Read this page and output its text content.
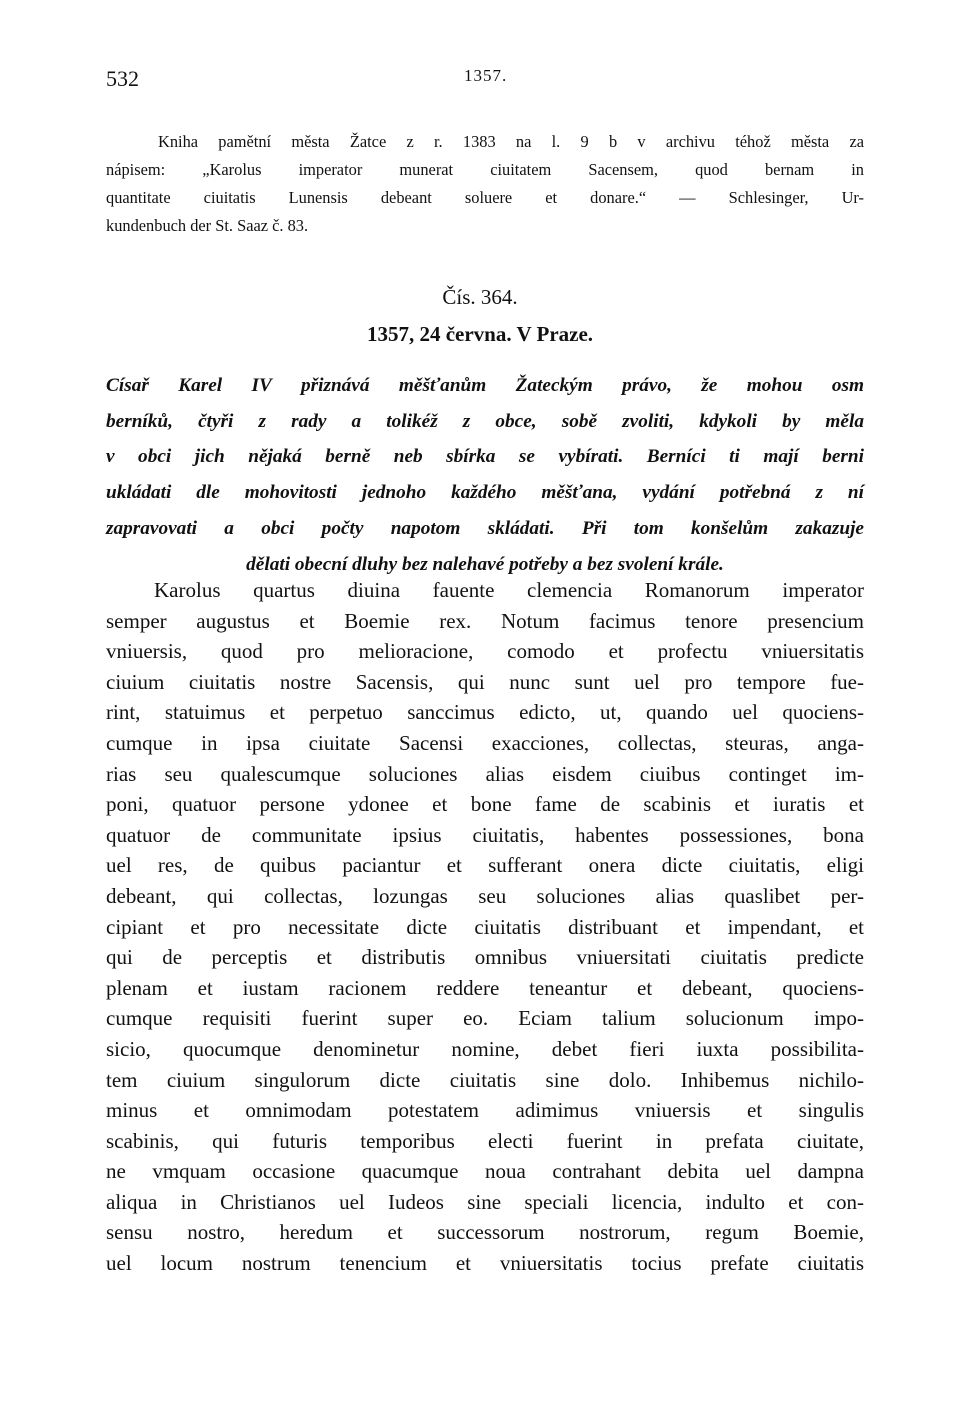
532	1357.

Kniha pamětní města Žatce z r. 1383 na l. 9 b v archivu téhož města za
nápisem: „Karolus imperator munerat ciuitatem Sacensem, quod bernam in
quantitate ciuitatis Lunensis debeant soluere et donare.“ — Schlesinger, Ur-
kundenbuch der St. Saaz č. 83.

Čís. 364.
1357, 24 června. V Praze.
Císař Karel IV přiznává měšťanům Žateckým právo, že mohou osm
berníků, čtyři z rady a tolikéž z obce, sobě zvoliti, kdykoli by měla
v obci jich nějaká berně neb sbírka se vybírati. Berníci ti mají berni
ukládati dle mohovitosti jednoho každého měšťana, vydání potřebná z ní
zapravovati a obci počty napotom skládati. Při tom konšelům zakazuje
dělati obecní dluhy bez nalehavé potřeby a bez svolení krále.
Karolus quartus diuina fauente clemencia Romanorum imperator
semper augustus et Boemie rex. Notum facimus tenore presencium
vniuersis, quod pro melioracione, comodo et profectu vniuersitatis
ciuium ciuitatis nostre Sacensis, qui nunc sunt uel pro tempore fue-
rint, statuimus et perpetuo sanccimus edicto, ut, quando uel quociens-
cumque in ipsa ciuitate Sacensi exacciones, collectas, steuras, anga-
rias seu qualescumque soluciones alias eisdem ciuibus continget im-
poni, quatuor persone ydonee et bone fame de scabinis et iuratis et
quatuor de communitate ipsius ciuitatis, habentes possessiones, bona
uel res, de quibus paciantur et sufferant onera dicte ciuitatis, eligi
debeant, qui collectas, lozungas seu soluciones alias quaslibet per-
cipiant et pro necessitate dicte ciuitatis distribuant et impendant, et
qui de perceptis et distributis omnibus vniuersitati ciuitatis predicte
plenam et iustam racionem reddere teneantur et debeant, quociens-
cumque requisiti fuerint super eo. Eciam talium solucionum impo-
sicio, quocumque denominetur nomine, debet fieri iuxta possibilita-
tem ciuium singulorum dicte ciuitatis sine dolo. Inhibemus nichilo-
minus et omnimodam potestatem adimimus vniuersis et singulis
scabinis, qui futuris temporibus electi fuerint in prefata ciuitate,
ne vmquam occasione quacumque noua contrahant debita uel dampna
aliqua in Christianos uel Iudeos sine speciali licencia, indulto et con-
sensu nostro, heredum et successorum nostrorum, regum Boemie,
uel locum nostrum tenencium et vniuersitatis tocius prefate ciuitatis
